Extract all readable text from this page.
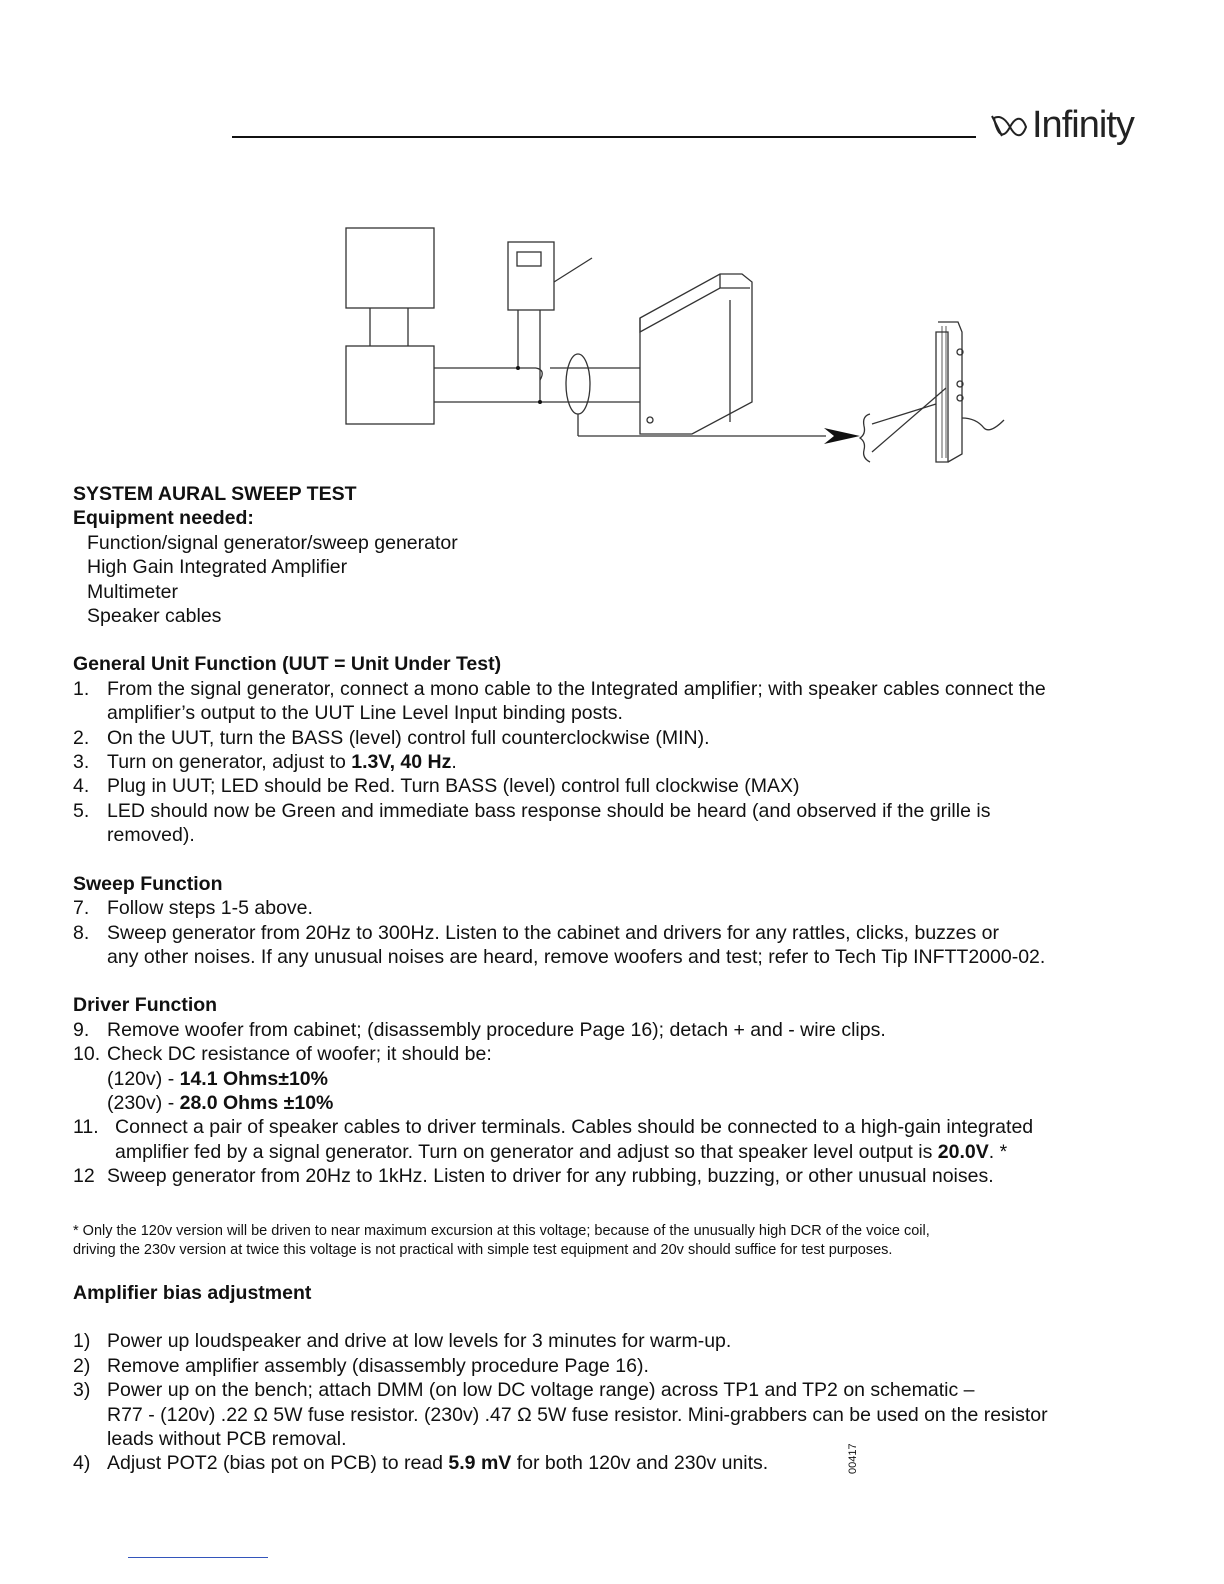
Infinity
SYSTEM AURAL SWEEP TEST
Equipment needed:
Function/signal generator/sweep generator
High Gain Integrated Amplifier
Multimeter
Speaker cables
General Unit Function (UUT = Unit Under Test)
1. From the signal generator, connect a mono cable to the Integrated amplifier; with speaker cables connect the
amplifier’s output to the UUT Line Level Input binding posts.
2. On the UUT, turn the BASS (level) control full counterclockwise (MIN).
3. Turn on generator, adjust to 1.3V, 40 Hz.
4. Plug in UUT; LED should be Red. Turn BASS (level) control full clockwise (MAX)
5. LED should now be Green and immediate bass response should be heard (and observed if the grille is
removed).
Sweep Function
7. Follow steps 1-5 above.
8. Sweep generator from 20Hz to 300Hz. Listen to the cabinet and drivers for any rattles, clicks, buzzes or
any other noises. If any unusual noises are heard, remove woofers and test; refer to Tech Tip INFTT2000-02.
Driver Function
9. Remove woofer from cabinet; (disassembly procedure Page 16); detach + and - wire clips.
10. Check DC resistance of woofer; it should be:
(120v) - 14.1 Ohms±10%
(230v) - 28.0 Ohms ±10%
11. Connect a pair of speaker cables to driver terminals. Cables should be connected to a high-gain integrated
amplifier fed by a signal generator. Turn on generator and adjust so that speaker level output is 20.0V. *
12 Sweep generator from 20Hz to 1kHz. Listen to driver for any rubbing, buzzing, or other unusual noises.
* Only the 120v version will be driven to near maximum excursion at this voltage; because of the unusually high DCR of the voice coil,
driving the 230v version at twice this voltage is not practical with simple test equipment and 20v should suffice for test purposes.
Amplifier bias adjustment
1) Power up loudspeaker and drive at low levels for 3 minutes for warm-up.
2) Remove amplifier assembly (disassembly procedure Page 16).
3) Power up on the bench; attach DMM (on low DC voltage range) across TP1 and TP2 on schematic –
R77 - (120v) .22 Ω 5W fuse resistor. (230v) .47 Ω 5W fuse resistor. Mini-grabbers can be used on the resistor
leads without PCB removal.
4) Adjust POT2 (bias pot on PCB) to read 5.9 mV for both 120v and 230v units.	00417
